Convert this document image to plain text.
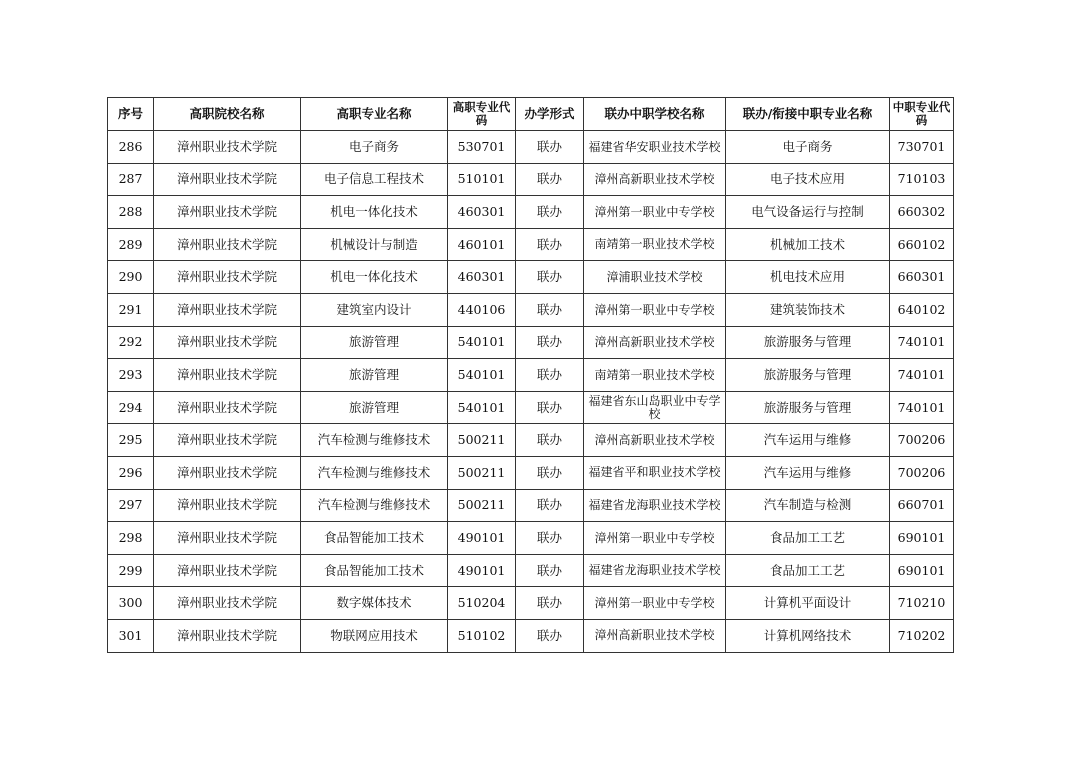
序号	高职院校名称	高职专业名称	高职专业代码	办学形式	联办中职学校名称	联办/衔接中职专业名称	中职专业代码
286	漳州职业技术学院	电子商务	530701	联办	福建省华安职业技术学校	电子商务	730701
287	漳州职业技术学院	电子信息工程技术	510101	联办	漳州高新职业技术学校	电子技术应用	710103
288	漳州职业技术学院	机电一体化技术	460301	联办	漳州第一职业中专学校	电气设备运行与控制	660302
289	漳州职业技术学院	机械设计与制造	460101	联办	南靖第一职业技术学校	机械加工技术	660102
290	漳州职业技术学院	机电一体化技术	460301	联办	漳浦职业技术学校	机电技术应用	660301
291	漳州职业技术学院	建筑室内设计	440106	联办	漳州第一职业中专学校	建筑装饰技术	640102
292	漳州职业技术学院	旅游管理	540101	联办	漳州高新职业技术学校	旅游服务与管理	740101
293	漳州职业技术学院	旅游管理	540101	联办	南靖第一职业技术学校	旅游服务与管理	740101
294	漳州职业技术学院	旅游管理	540101	联办	福建省东山岛职业中专学校	旅游服务与管理	740101
295	漳州职业技术学院	汽车检测与维修技术	500211	联办	漳州高新职业技术学校	汽车运用与维修	700206
296	漳州职业技术学院	汽车检测与维修技术	500211	联办	福建省平和职业技术学校	汽车运用与维修	700206
297	漳州职业技术学院	汽车检测与维修技术	500211	联办	福建省龙海职业技术学校	汽车制造与检测	660701
298	漳州职业技术学院	食品智能加工技术	490101	联办	漳州第一职业中专学校	食品加工工艺	690101
299	漳州职业技术学院	食品智能加工技术	490101	联办	福建省龙海职业技术学校	食品加工工艺	690101
300	漳州职业技术学院	数字媒体技术	510204	联办	漳州第一职业中专学校	计算机平面设计	710210
301	漳州职业技术学院	物联网应用技术	510102	联办	漳州高新职业技术学校	计算机网络技术	710202
